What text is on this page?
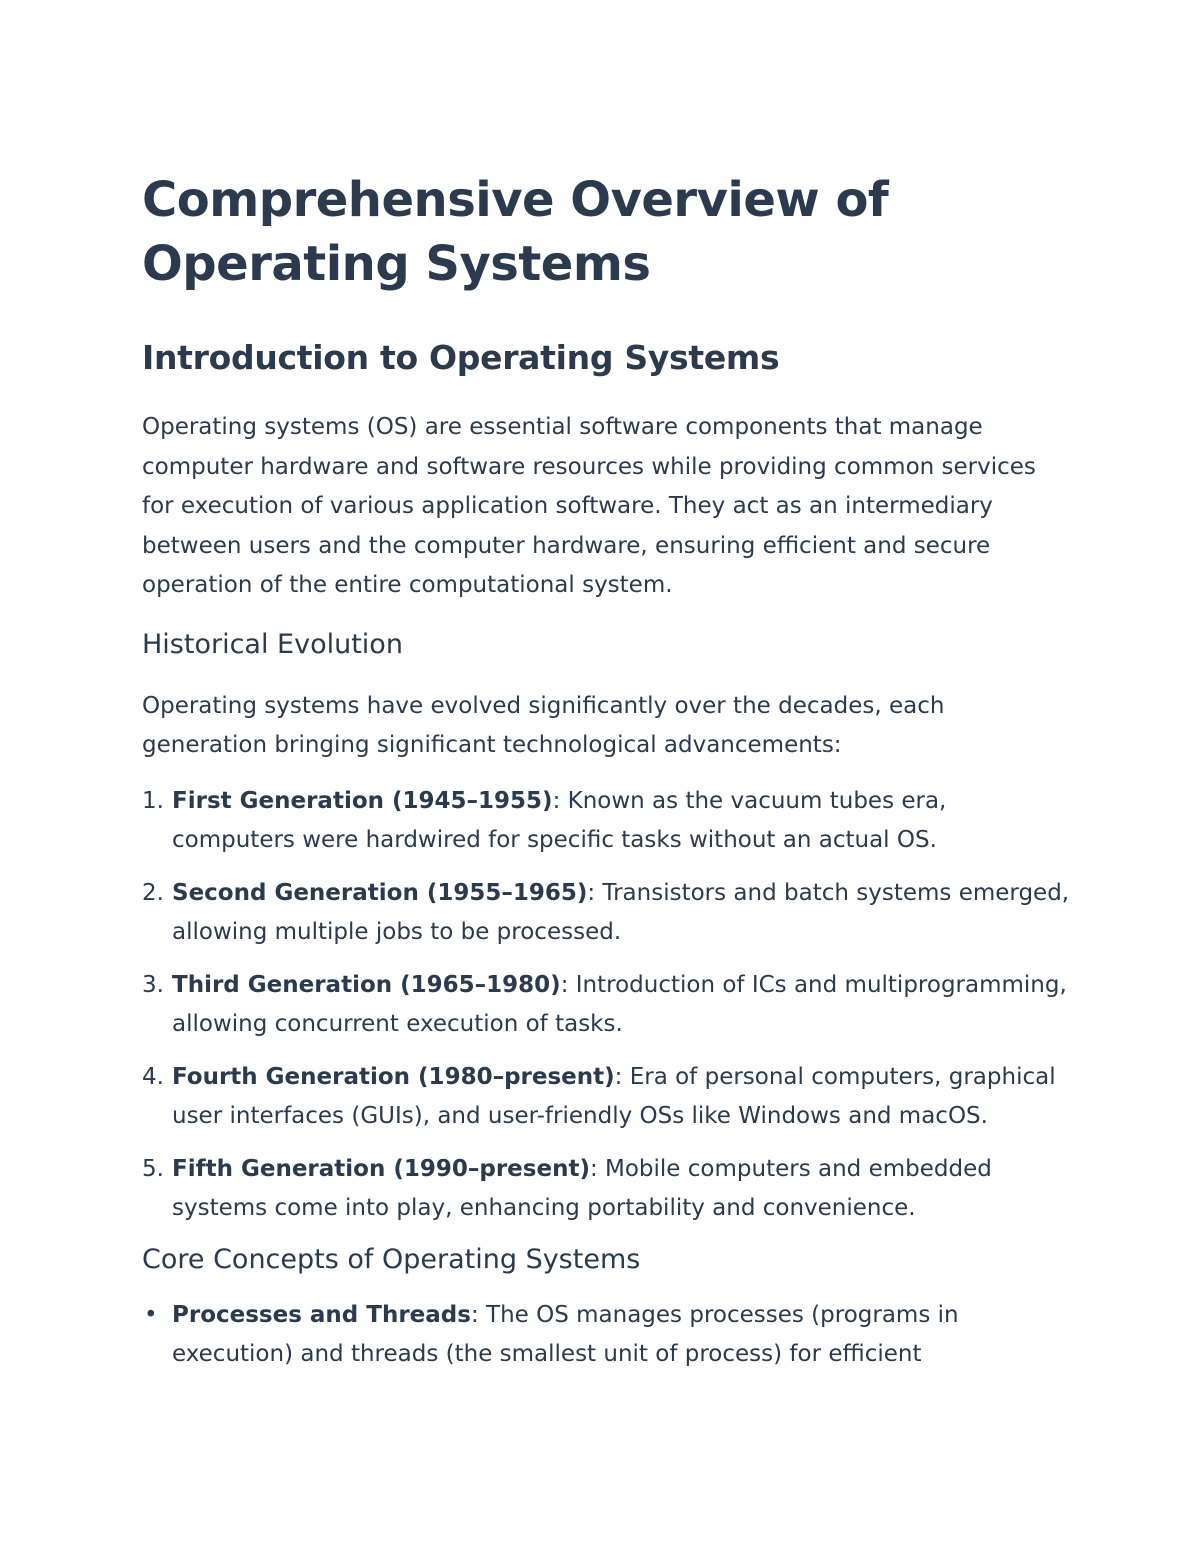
Comprehensive Overview of Operating Systems
Introduction to Operating Systems

Operating systems (OS) are essential software components that manage computer hardware and software resources while providing common services for execution of various application software. They act as an intermediary between users and the computer hardware, ensuring efficient and secure operation of the entire computational system.

Historical Evolution

Operating systems have evolved significantly over the decades, each generation bringing significant technological advancements:

1. First Generation (1945–1955): Known as the vacuum tubes era, computers were hardwired for specific tasks without an actual OS.
2. Second Generation (1955–1965): Transistors and batch systems emerged, allowing multiple jobs to be processed.
3. Third Generation (1965–1980): Introduction of ICs and multiprogramming, allowing concurrent execution of tasks.
4. Fourth Generation (1980–present): Era of personal computers, graphical user interfaces (GUIs), and user-friendly OSs like Windows and macOS.
5. Fifth Generation (1990–present): Mobile computers and embedded systems come into play, enhancing portability and convenience.
Core Concepts of Operating Systems
• Processes and Threads: The OS manages processes (programs in execution) and threads (the smallest unit of process) for efficient
